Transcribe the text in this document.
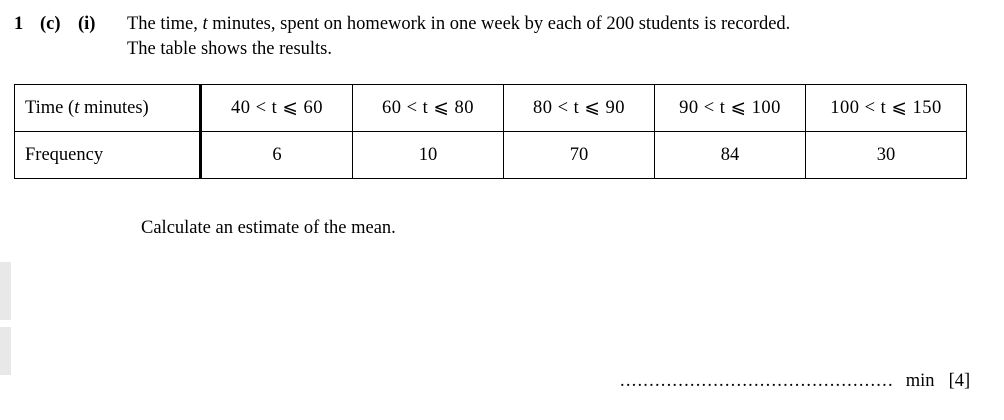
1 (c) (i)	The time, t minutes, spent on homework in one week by each of 200 students is recorded.
The table shows the results.
Time (t minutes)	40 < t ⩽ 60	60 < t ⩽ 80	80 < t ⩽ 90	90 < t ⩽ 100	100 < t ⩽ 150
Frequency	6	10	70	84	30
Calculate an estimate of the mean.
............................................... min [4]
